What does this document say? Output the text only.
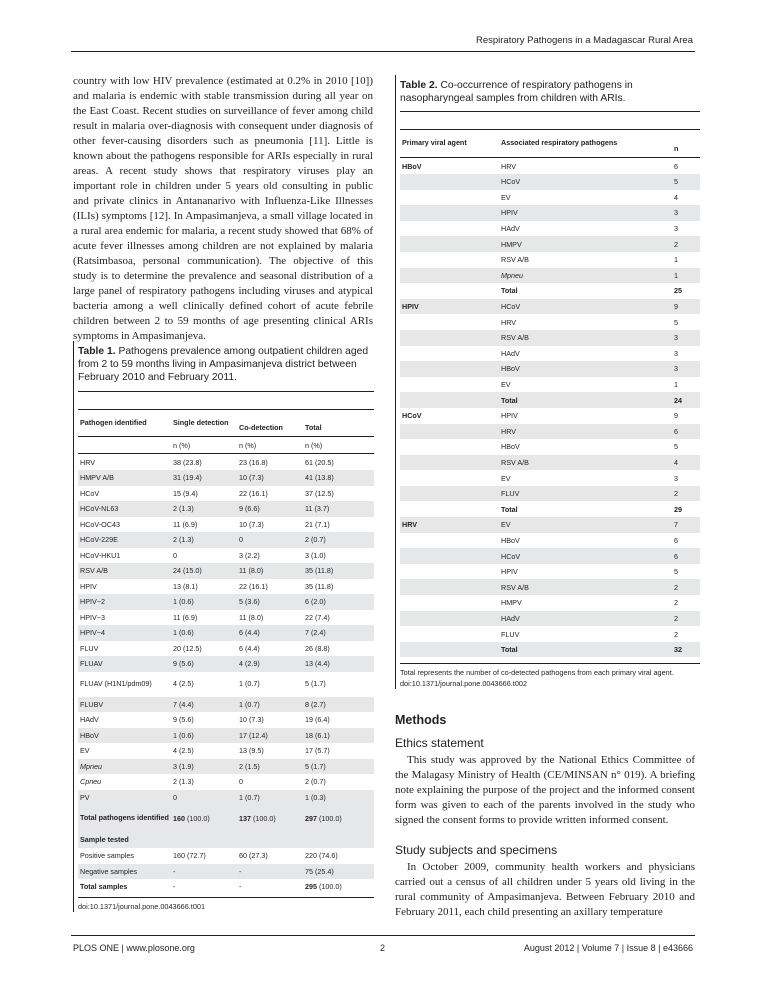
Respiratory Pathogens in a Madagascar Rural Area

country with low HIV prevalence (estimated at 0.2% in 2010 [10]) and malaria is endemic with stable transmission during all year on the East Coast. Recent studies on surveillance of fever among child result in malaria over-diagnosis with consequent under diagnosis of other fever-causing disorders such as pneumonia [11]. Little is known about the pathogens responsible for ARIs especially in rural areas. A recent study shows that respiratory viruses play an important role in children under 5 years old consulting in public and private clinics in Antananarivo with Influenza-Like Illnesses (ILIs) symptoms [12]. In Ampasimanjeva, a small village located in a rural area endemic for malaria, a recent study showed that 68% of acute fever illnesses among children are not explained by malaria (Ratsimbasoa, personal communication). The objective of this study is to determine the prevalence and seasonal distribution of a large panel of respiratory pathogens including viruses and atypical bacteria among a well clinically defined cohort of acute febrile children between 2 to 59 months of age presenting clinical ARIs symptoms in Ampasimanjeva.

Table 1. Pathogens prevalence among outpatient children aged from 2 to 59 months living in Ampasimanjeva district between February 2010 and February 2011.
Pathogen identified	Single detection	Co-detection	Total

	n (%)	n (%)	n (%)

HRV	38 (23.8)	23 (16.8)	61 (20.5)
HMPV A/B	31 (19.4)	10 (7.3)	41 (13.8)
HCoV	15 (9.4)	22 (16.1)	37 (12.5)
HCoV-NL63	2 (1.3)	9 (6.6)	11 (3.7)
HCoV-OC43	11 (6.9)	10 (7.3)	21 (7.1)
HCoV-229E	2 (1.3)	0	2 (0.7)
HCoV-HKU1	0	3 (2.2)	3 (1.0)
RSV A/B	24 (15.0)	11 (8.0)	35 (11.8)
HPIV	13 (8.1)	22 (16.1)	35 (11.8)
HPIV−2	1 (0.6)	5 (3.6)	6 (2.0)
HPIV−3	11 (6.9)	11 (8.0)	22 (7.4)
HPIV−4	1 (0.6)	6 (4.4)	7 (2.4)
FLUV	20 (12.5)	6 (4.4)	26 (8.8)
FLUAV	9 (5.6)	4 (2.9)	13 (4.4)
FLUAV (H1N1/pdm09)	4 (2.5)	1 (0.7)	5 (1.7)
FLUBV	7 (4.4)	1 (0.7)	8 (2.7)
HAdV	9 (5.6)	10 (7.3)	19 (6.4)
HBoV	1 (0.6)	17 (12.4)	18 (6.1)
EV	4 (2.5)	13 (9.5)	17 (5.7)
Mpneu	3 (1.9)	2 (1.5)	5 (1.7)
Cpneu	2 (1.3)	0	2 (0.7)
PV	0	1 (0.7)	1 (0.3)
Total pathogens identified	160 (100.0)	137 (100.0)	297 (100.0)
Sample tested			
Positive samples	160 (72.7)	60 (27.3)	220 (74.6)
Negative samples	-	-	75 (25.4)
Total samples	-	-	295 (100.0)
doi:10.1371/journal.pone.0043666.t001
Table 2. Co-occurrence of respiratory pathogens in nasopharyngeal samples from children with ARIs.
Primary viral agent	Associated respiratory pathogens	n

HBoV	HRV	6
	HCoV	5
	EV	4
	HPIV	3
	HAdV	3
	HMPV	2
	RSV A/B	1
	Mpneu	1
	Total	25
HPIV	HCoV	9
	HRV	5
	RSV A/B	3
	HAdV	3
	HBoV	3
	EV	1
	Total	24
HCoV	HPIV	9
	HRV	6
	HBoV	5
	RSV A/B	4
	EV	3
	FLUV	2
	Total	29
HRV	EV	7
	HBoV	6
	HCoV	6
	HPIV	5
	RSV A/B	2
	HMPV	2
	HAdV	2
	FLUV	2
	Total	32
Total represents the number of co-detected pathogens from each primary viral agent.
doi:10.1371/journal.pone.0043666.t002
Methods
Ethics statement

This study was approved by the National Ethics Committee of the Malagasy Ministry of Health (CE/MINSAN n° 019). A briefing note explaining the purpose of the project and the informed consent form was given to each of the parents involved in the study who signed the consent forms to provide written informed consent.

Study subjects and specimens

In October 2009, community health workers and physicians carried out a census of all children under 5 years old living in the rural community of Ampasimanjeva. Between February 2010 and February 2011, each child presenting an axillary temperature

PLOS ONE | www.plosone.org	2	August 2012 | Volume 7 | Issue 8 | e43666
